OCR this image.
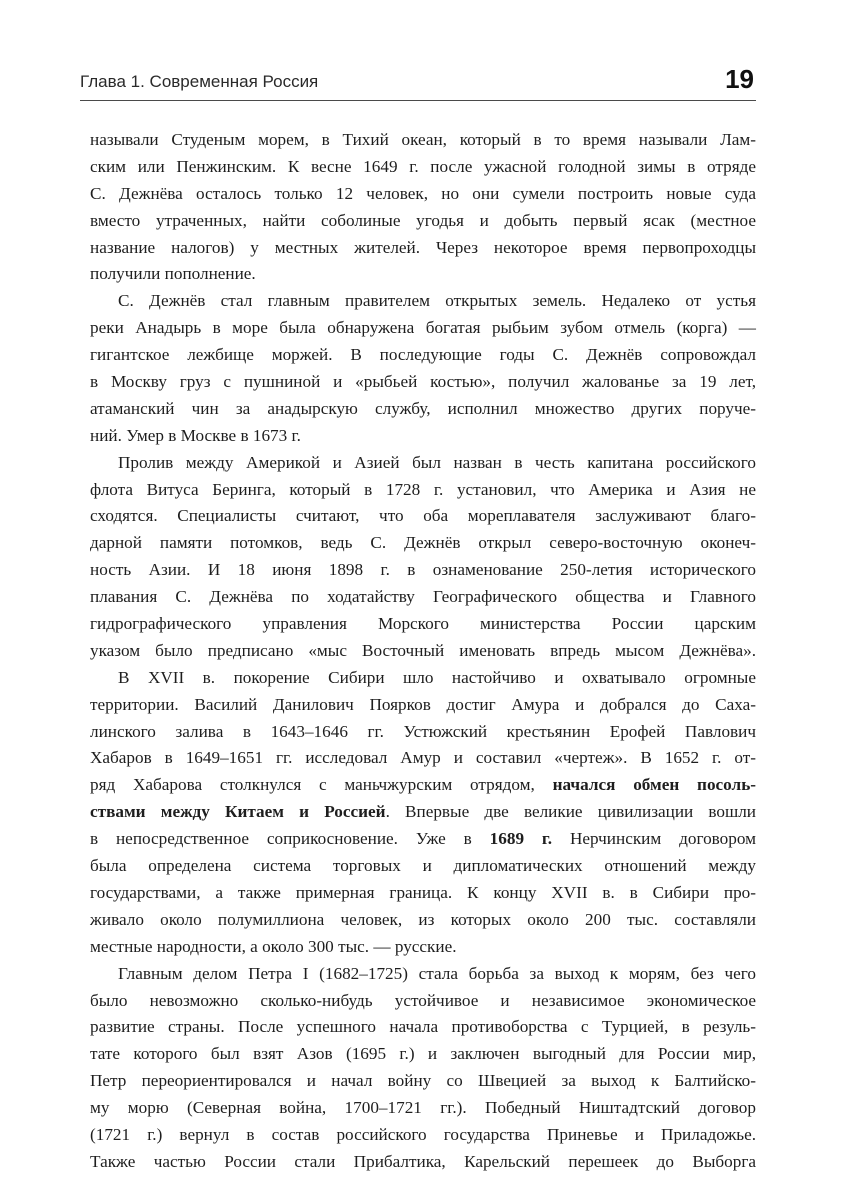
Глава 1. Современная Россия	19
называли Студеным морем, в Тихий океан, который в то время называли Лам-
ским или Пенжинским. К весне 1649 г. после ужасной голодной зимы в отряде
С. Дежнёва осталось только 12 человек, но они сумели построить новые суда
вместо утраченных, найти соболиные угодья и добыть первый ясак (местное
название налогов) у местных жителей. Через некоторое время первопроходцы
получили пополнение.
С. Дежнёв стал главным правителем открытых земель. Недалеко от устья
реки Анадырь в море была обнаружена богатая рыбьим зубом отмель (корга) —
гигантское лежбище моржей. В последующие годы С. Дежнёв сопровождал
в Москву груз с пушниной и «рыбьей костью», получил жалованье за 19 лет,
атаманский чин за анадырскую службу, исполнил множество других поруче-
ний. Умер в Москве в 1673 г.
Пролив между Америкой и Азией был назван в честь капитана российского
флота Витуса Беринга, который в 1728 г. установил, что Америка и Азия не
сходятся. Специалисты считают, что оба мореплавателя заслуживают благо-
дарной памяти потомков, ведь С. Дежнёв открыл северо-восточную оконеч-
ность Азии. И 18 июня 1898 г. в ознаменование 250-летия исторического
плавания С. Дежнёва по ходатайству Географического общества и Главного
гидрографического управления Морского министерства России царским
указом было предписано «мыс Восточный именовать впредь мысом Дежнёва».
В XVII в. покорение Сибири шло настойчиво и охватывало огромные
территории. Василий Данилович Поярков достиг Амура и добрался до Саха-
линского залива в 1643–1646 гг. Устюжский крестьянин Ерофей Павлович
Хабаров в 1649–1651 гг. исследовал Амур и составил «чертеж». В 1652 г. от-
ряд Хабарова столкнулся с маньчжурским отрядом, начался обмен посоль-
ствами между Китаем и Россией. Впервые две великие цивилизации вошли
в непосредственное соприкосновение. Уже в 1689 г. Нерчинским договором
была определена система торговых и дипломатических отношений между
государствами, а также примерная граница. К концу XVII в. в Сибири про-
живало около полумиллиона человек, из которых около 200 тыс. составляли
местные народности, а около 300 тыс. — русские.
Главным делом Петра I (1682–1725) стала борьба за выход к морям, без чего
было невозможно сколько-нибудь устойчивое и независимое экономическое
развитие страны. После успешного начала противоборства с Турцией, в резуль-
тате которого был взят Азов (1695 г.) и заключен выгодный для России мир,
Петр переориентировался и начал войну со Швецией за выход к Балтийско-
му морю (Северная война, 1700–1721 гг.). Победный Ништадтский договор
(1721 г.) вернул в состав российского государства Приневье и Приладожье.
Также частью России стали Прибалтика, Карельский перешеек до Выборга
